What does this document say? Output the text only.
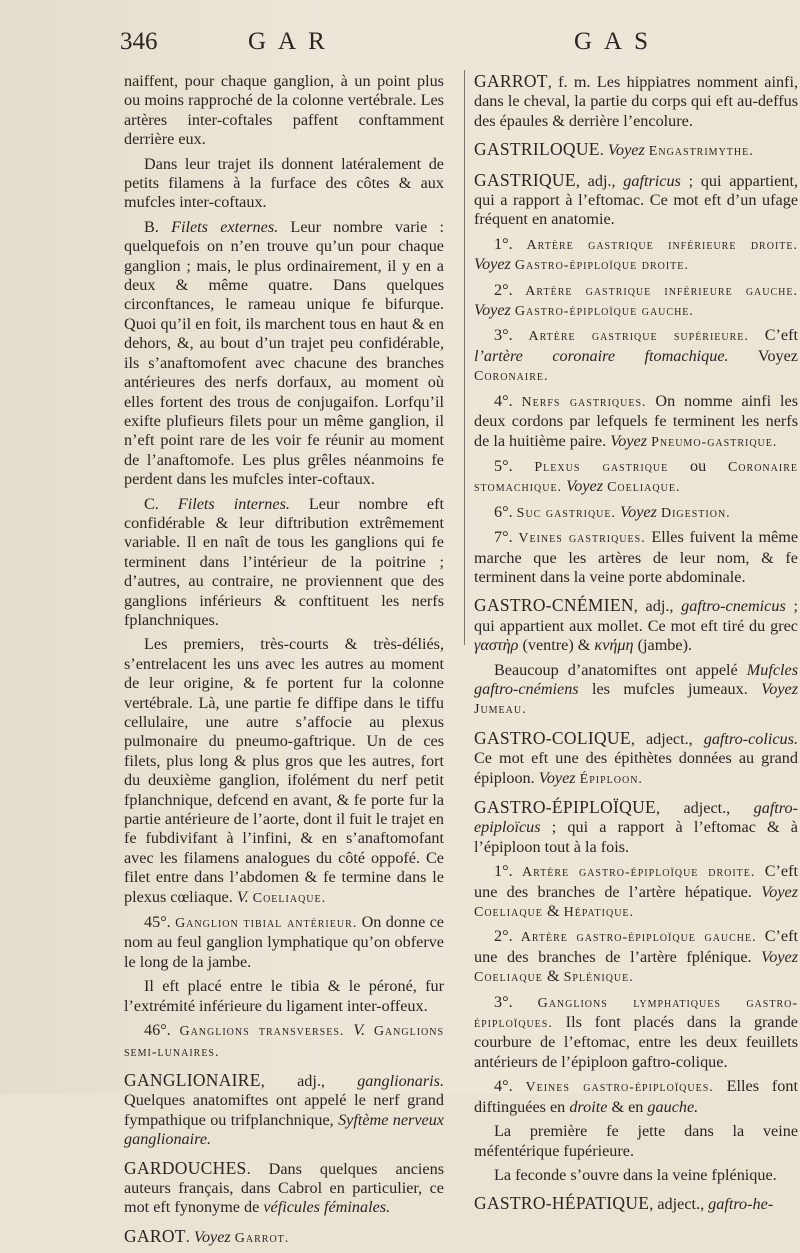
346	GAR	GAS

naiffent, pour chaque ganglion, à un point plus ou moins rapproché de la colonne vertébrale. Les artères inter-coftales paffent conftamment derrière eux.

Dans leur trajet ils donnent latéralement de petits filamens à la furface des côtes & aux mufcles inter-coftaux.

B. Filets externes. Leur nombre varie : quelquefois on n’en trouve qu’un pour chaque ganglion ; mais, le plus ordinairement, il y en a deux & même quatre. Dans quelques circonftances, le rameau unique fe bifurque. Quoi qu’il en foit, ils marchent tous en haut & en dehors, &, au bout d’un trajet peu confidérable, ils s’anaftomofent avec chacune des branches antérieures des nerfs dorfaux, au moment où elles fortent des trous de conjugaifon. Lorfqu’il exifte plufieurs filets pour un même ganglion, il n’eft point rare de les voir fe réunir au moment de l’anaftomofe. Les plus grêles néanmoins fe perdent dans les mufcles inter-coftaux.

C. Filets internes. Leur nombre eft confidérable & leur diftribution extrêmement variable. Il en naît de tous les ganglions qui fe terminent dans l’intérieur de la poitrine ; d’autres, au contraire, ne proviennent que des ganglions inférieurs & conftituent les nerfs fplanchniques.

Les premiers, très-courts & très-déliés, s’entrelacent les uns avec les autres au moment de leur origine, & fe portent fur la colonne vertébrale. Là, une partie fe diffipe dans le tiffu cellulaire, une autre s’affocie au plexus pulmonaire du pneumo-gaftrique. Un de ces filets, plus long & plus gros que les autres, fort du deuxième ganglion, ifolément du nerf petit fplanchnique, defcend en avant, & fe porte fur la partie antérieure de l’aorte, dont il fuit le trajet en fe fubdivifant à l’infini, & en s’anaftomofant avec les filamens analogues du côté oppofé. Ce filet entre dans l’abdomen & fe termine dans le plexus cœliaque. V. Coeliaque.

45°. Ganglion tibial antérieur. On donne ce nom au feul ganglion lymphatique qu’on obferve le long de la jambe.

Il eft placé entre le tibia & le péroné, fur l’extrémité inférieure du ligament inter-offeux.

46°. Ganglions transverses. V. Ganglions semi-lunaires.

GANGLIONAIRE, adj., ganglionaris. Quelques anatomiftes ont appelé le nerf grand fympathique ou trifplanchnique, Syftème nerveux ganglionaire.

GARDOUCHES. Dans quelques anciens auteurs français, dans Cabrol en particulier, ce mot eft fynonyme de véficules féminales.

GAROT. Voyez Garrot.

GARROT, f. m. Les hippiatres nomment ainfi, dans le cheval, la partie du corps qui eft au-deffus des épaules & derrière l’encolure.

GASTRILOQUE. Voyez Engastrimythe.

GASTRIQUE, adj., gaftricus ; qui appartient, qui a rapport à l’eftomac. Ce mot eft d’un ufage fréquent en anatomie.

1°. Artère gastrique inférieure droite. Voyez Gastro-épiploïque droite.

2°. Artère gastrique inférieure gauche. Voyez Gastro-épiploïque gauche.

3°. Artère gastrique supérieure. C’eft l’artère coronaire ftomachique. Voyez Coronaire.

4°. Nerfs gastriques. On nomme ainfi les deux cordons par lefquels fe terminent les nerfs de la huitième paire. Voyez Pneumo-gastrique.

5°. Plexus gastrique ou Coronaire stomachique. Voyez Coeliaque.

6°. Suc gastrique. Voyez Digestion.

7°. Veines gastriques. Elles fuivent la même marche que les artères de leur nom, & fe terminent dans la veine porte abdominale.

GASTRO-CNÉMIEN, adj., gaftro-cnemicus ; qui appartient aux mollet. Ce mot eft tiré du grec γαστὴρ (ventre) & κνήμη (jambe).

Beaucoup d’anatomiftes ont appelé Mufcles gaftro-cnémiens les mufcles jumeaux. Voyez Jumeau.

GASTRO-COLIQUE, adject., gaftro-colicus. Ce mot eft une des épithètes données au grand épiploon. Voyez Épiploon.

GASTRO-ÉPIPLOÏQUE, adject., gaftro-epiploïcus ; qui a rapport à l’eftomac & à l’épiploon tout à la fois.

1°. Artère gastro-épiploïque droite. C’eft une des branches de l’artère hépatique. Voyez Coeliaque & Hépatique.

2°. Artère gastro-épiploïque gauche. C’eft une des branches de l’artère fplénique. Voyez Coeliaque & Splénique.

3°. Ganglions lymphatiques gastro-épiploïques. Ils font placés dans la grande courbure de l’eftomac, entre les deux feuillets antérieurs de l’épiploon gaftro-colique.

4°. Veines gastro-épiploïques. Elles font diftinguées en droite & en gauche.

La première fe jette dans la veine méfentérique fupérieure.

La feconde s’ouvre dans la veine fplénique.

GASTRO-HÉPATIQUE, adject., gaftro-he-
